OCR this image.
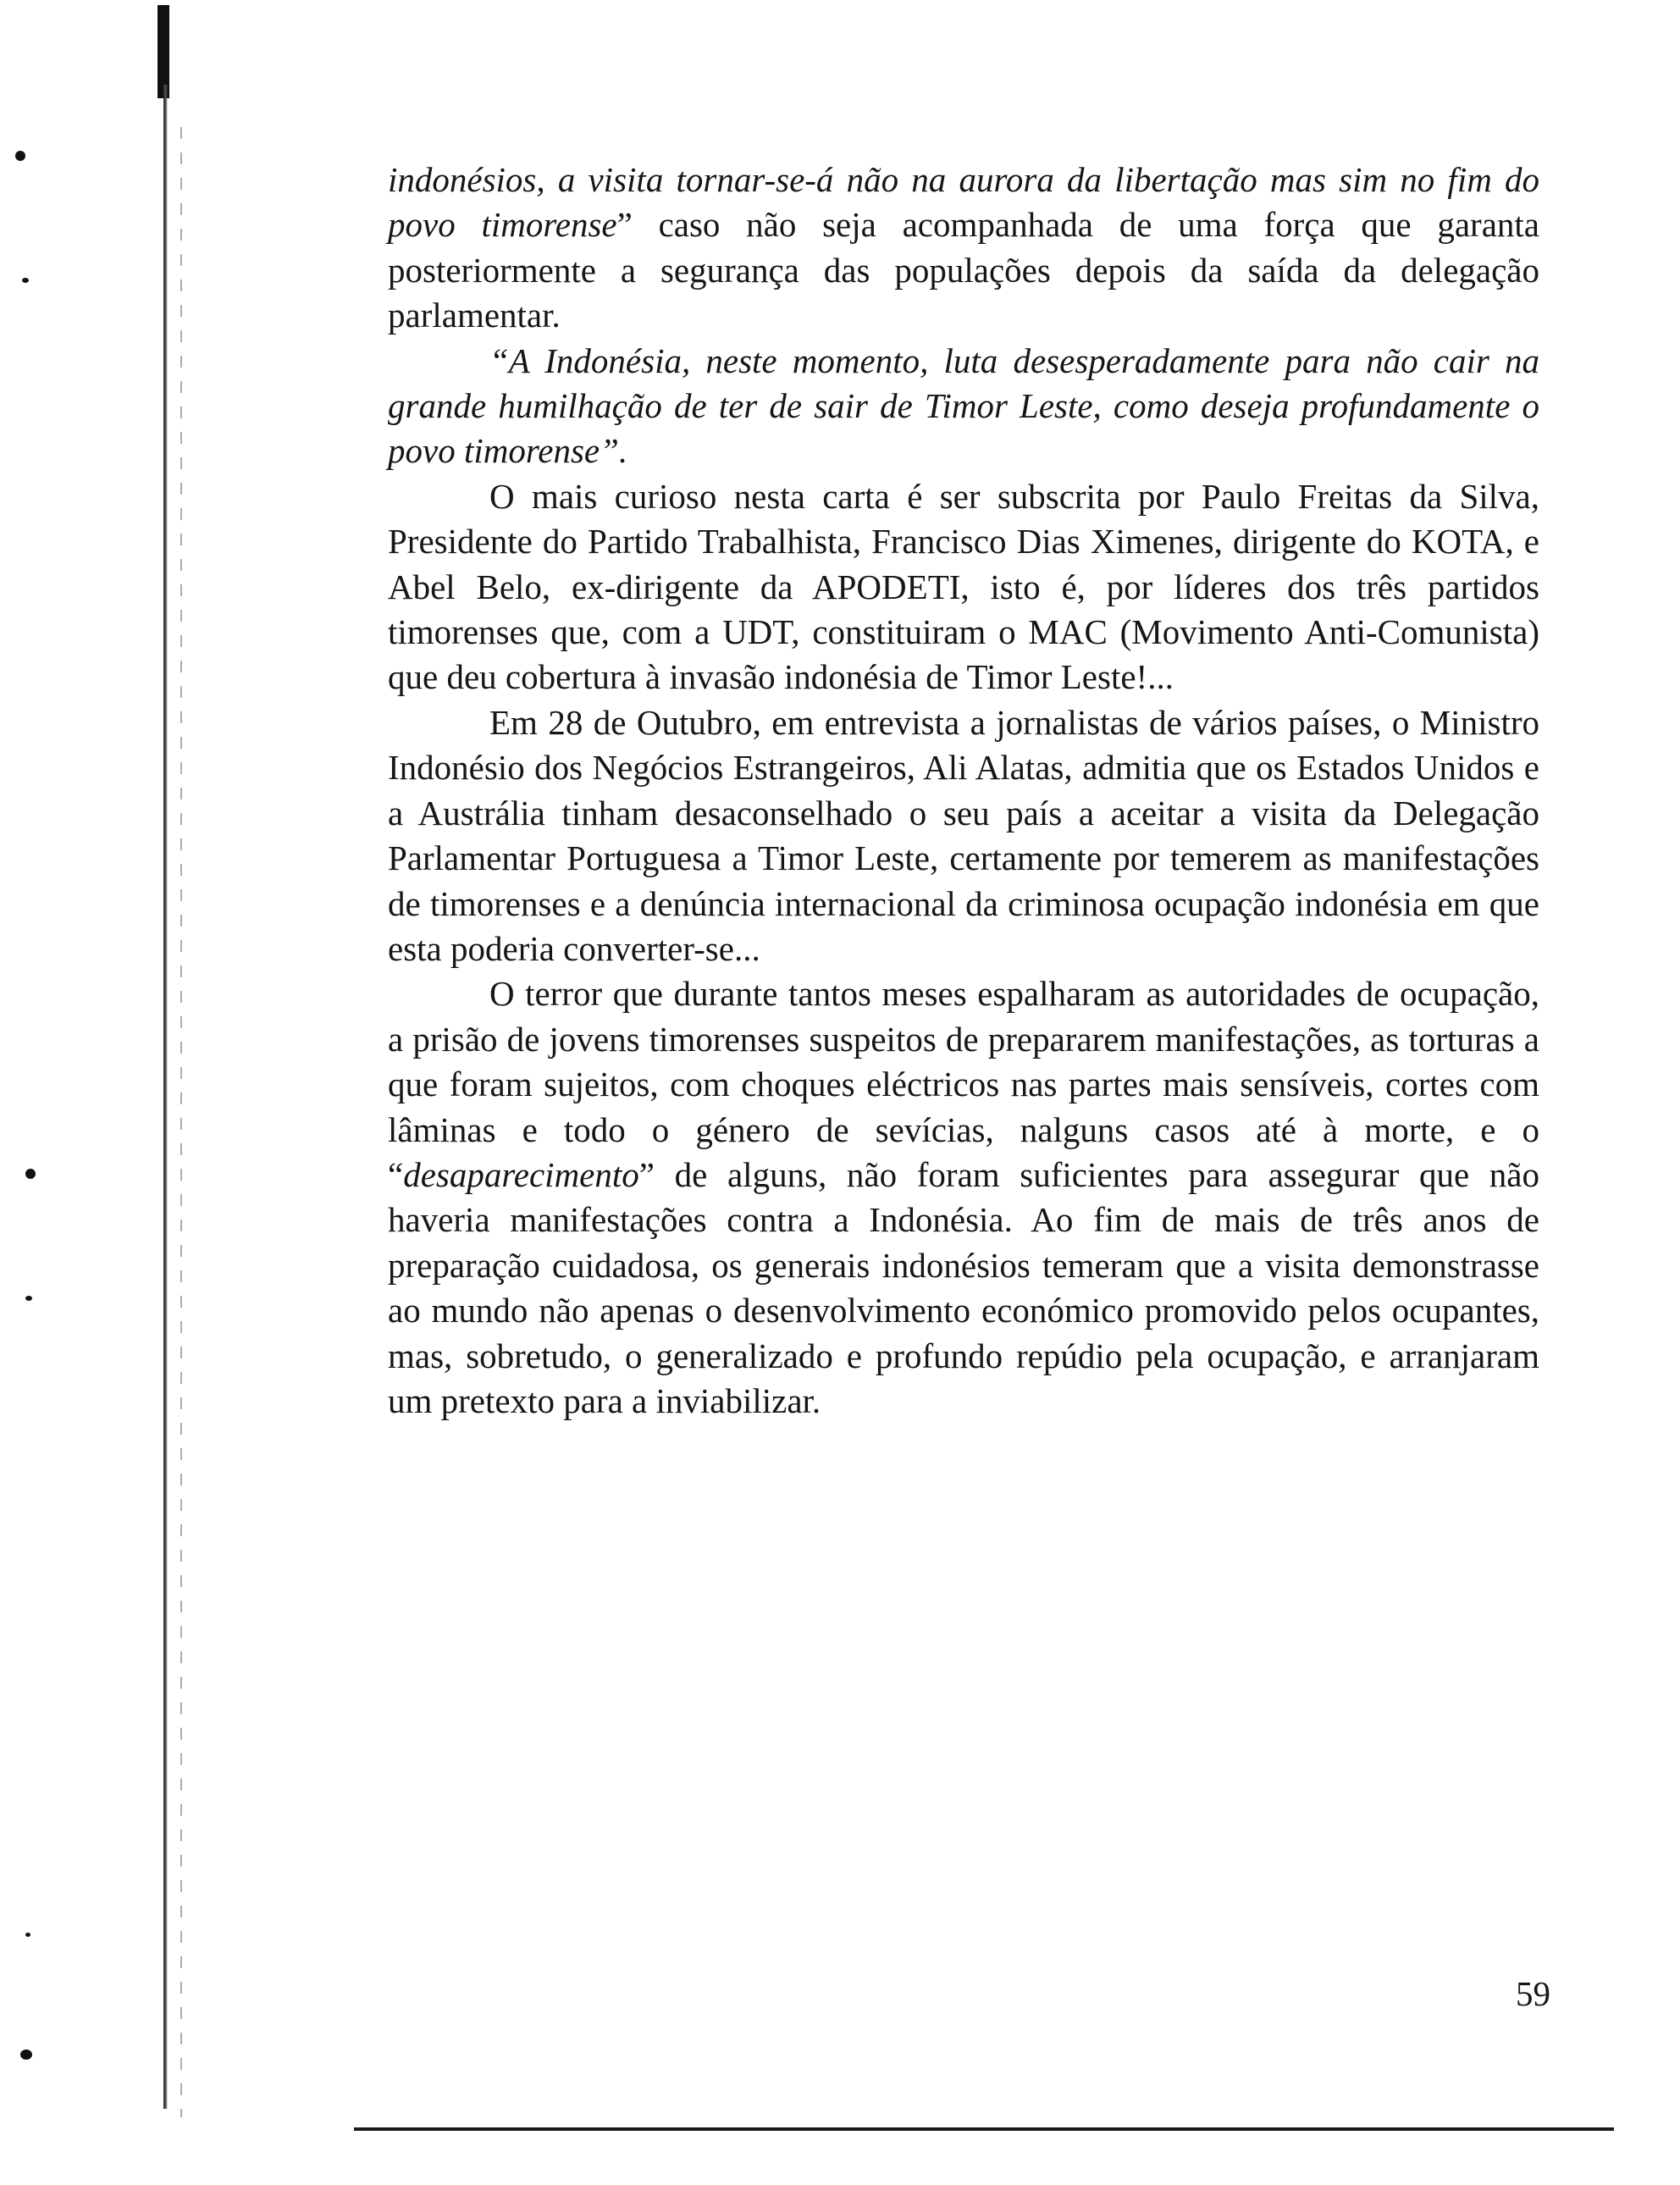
indonésios, a visita tornar-se-á não na aurora da libertação mas sim no fim do povo timorense” caso não seja acompanhada de uma força que garanta posteriormente a segurança das populações depois da saída da delegação parlamentar.

“A Indonésia, neste momento, luta desesperadamente para não cair na grande humilhação de ter de sair de Timor Leste, como deseja profundamente o povo timorense”.

O mais curioso nesta carta é ser subscrita por Paulo Freitas da Silva, Presidente do Partido Trabalhista, Francisco Dias Ximenes, dirigente do KOTA, e Abel Belo, ex-dirigente da APODETI, isto é, por líderes dos três partidos timorenses que, com a UDT, constituiram o MAC (Movimento Anti-Comunista) que deu cobertura à invasão indonésia de Timor Leste!...

Em 28 de Outubro, em entrevista a jornalistas de vários países, o Ministro Indonésio dos Negócios Estrangeiros, Ali Alatas, admitia que os Estados Unidos e a Austrália tinham desaconselhado o seu país a aceitar a visita da Delegação Parlamentar Portuguesa a Timor Leste, certamente por temerem as manifestações de timorenses e a denúncia internacional da criminosa ocupação indonésia em que esta poderia converter-se...

O terror que durante tantos meses espalharam as autoridades de ocupação, a prisão de jovens timorenses suspeitos de prepararem manifestações, as torturas a que foram sujeitos, com choques eléctricos nas partes mais sensíveis, cortes com lâminas e todo o género de sevícias, nalguns casos até à morte, e o “desaparecimento” de alguns, não foram suficientes para assegurar que não haveria manifestações contra a Indonésia. Ao fim de mais de três anos de preparação cuidadosa, os generais indonésios temeram que a visita demonstrasse ao mundo não apenas o desenvolvimento económico promovido pelos ocupantes, mas, sobretudo, o generalizado e profundo repúdio pela ocupação, e arranjaram um pretexto para a inviabilizar.

59
